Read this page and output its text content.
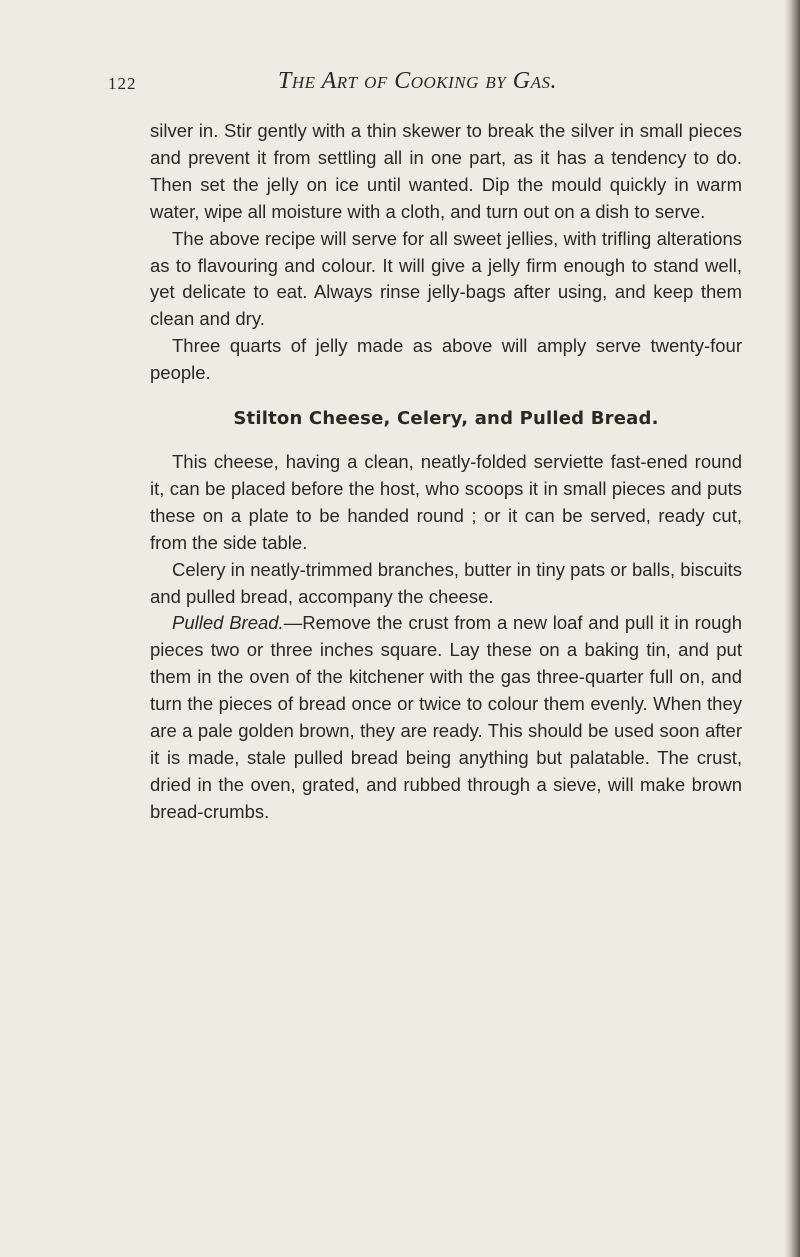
122	The Art of Cooking by Gas.

silver in. Stir gently with a thin skewer to break the silver in small pieces and prevent it from settling all in one part, as it has a tendency to do. Then set the jelly on ice until wanted. Dip the mould quickly in warm water, wipe all moisture with a cloth, and turn out on a dish to serve.

The above recipe will serve for all sweet jellies, with trifling alterations as to flavouring and colour. It will give a jelly firm enough to stand well, yet delicate to eat. Always rinse jelly-bags after using, and keep them clean and dry.

Three quarts of jelly made as above will amply serve twenty-four people.

Stilton Cheese, Celery, and Pulled Bread.

This cheese, having a clean, neatly-folded serviette fast-ened round it, can be placed before the host, who scoops it in small pieces and puts these on a plate to be handed round ; or it can be served, ready cut, from the side table.

Celery in neatly-trimmed branches, butter in tiny pats or balls, biscuits and pulled bread, accompany the cheese.

Pulled Bread.—Remove the crust from a new loaf and pull it in rough pieces two or three inches square. Lay these on a baking tin, and put them in the oven of the kitchener with the gas three-quarter full on, and turn the pieces of bread once or twice to colour them evenly. When they are a pale golden brown, they are ready. This should be used soon after it is made, stale pulled bread being anything but palatable. The crust, dried in the oven, grated, and rubbed through a sieve, will make brown bread-crumbs.
